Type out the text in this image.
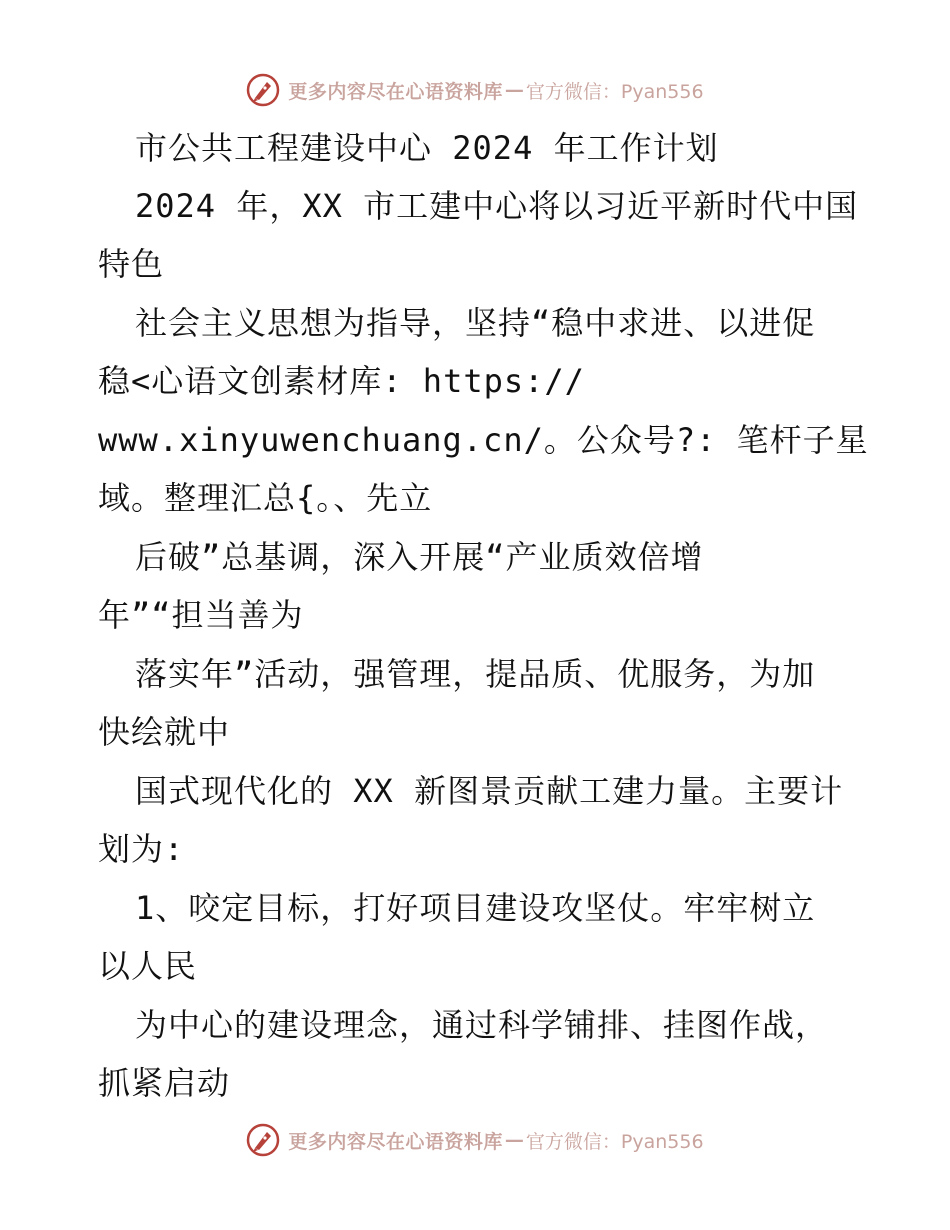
更多内容尽在心语资料库 — 官方微信：Pyan556
市公共工程建设中心 2024 年工作计划
2024 年，XX 市工建中心将以习近平新时代中国
特色
社会主义思想为指导，坚持“稳中求进、以进促
稳<心语文创素材库: https://
www.xinyuwenchuang.cn/。公众号?: 笔杆子星
域。整理汇总{。、先立
后破”总基调，深入开展“产业质效倍增
年”“担当善为
落实年”活动，强管理，提品质、优服务，为加
快绘就中
国式现代化的 XX 新图景贡献工建力量。主要计
划为:
1、咬定目标，打好项目建设攻坚仗。牢牢树立
以人民
为中心的建设理念，通过科学铺排、挂图作战，
抓紧启动
更多内容尽在心语资料库 — 官方微信：Pyan556
